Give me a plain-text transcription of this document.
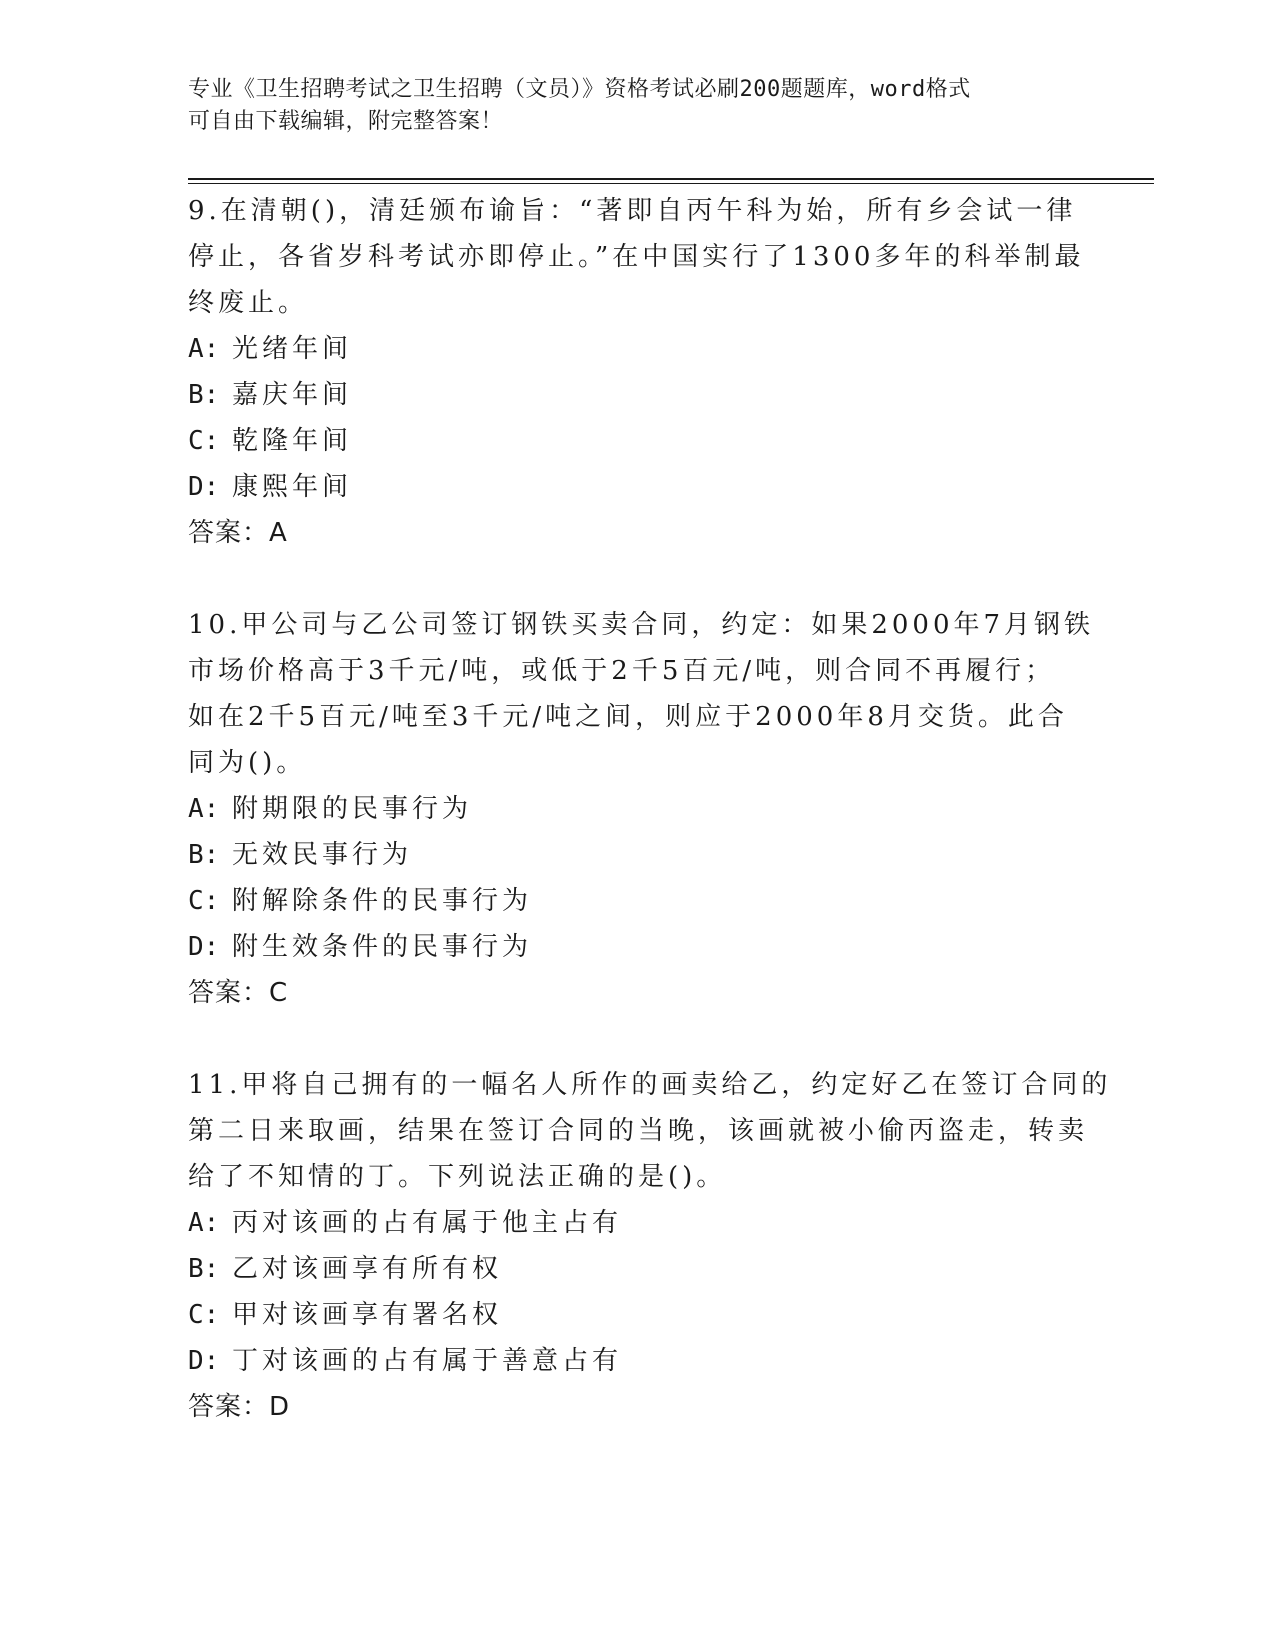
专业《卫生招聘考试之卫生招聘（文员）》资格考试必刷200题题库，word格式
可自由下载编辑，附完整答案！
9.在清朝()，清廷颁布谕旨：“著即自丙午科为始，所有乡会试一律
停止，各省岁科考试亦即停止。”在中国实行了1300多年的科举制最
终废止。
A: 光绪年间
B: 嘉庆年间
C: 乾隆年间
D: 康熙年间
答案：A
10.甲公司与乙公司签订钢铁买卖合同，约定：如果2000年7月钢铁
市场价格高于3千元/吨，或低于2千5百元/吨，则合同不再履行；
如在2千5百元/吨至3千元/吨之间，则应于2000年8月交货。此合
同为()。
A: 附期限的民事行为
B: 无效民事行为
C: 附解除条件的民事行为
D: 附生效条件的民事行为
答案：C
11.甲将自己拥有的一幅名人所作的画卖给乙，约定好乙在签订合同的
第二日来取画，结果在签订合同的当晚，该画就被小偷丙盗走，转卖
给了不知情的丁。下列说法正确的是()。
A: 丙对该画的占有属于他主占有
B: 乙对该画享有所有权
C: 甲对该画享有署名权
D: 丁对该画的占有属于善意占有
答案：D
